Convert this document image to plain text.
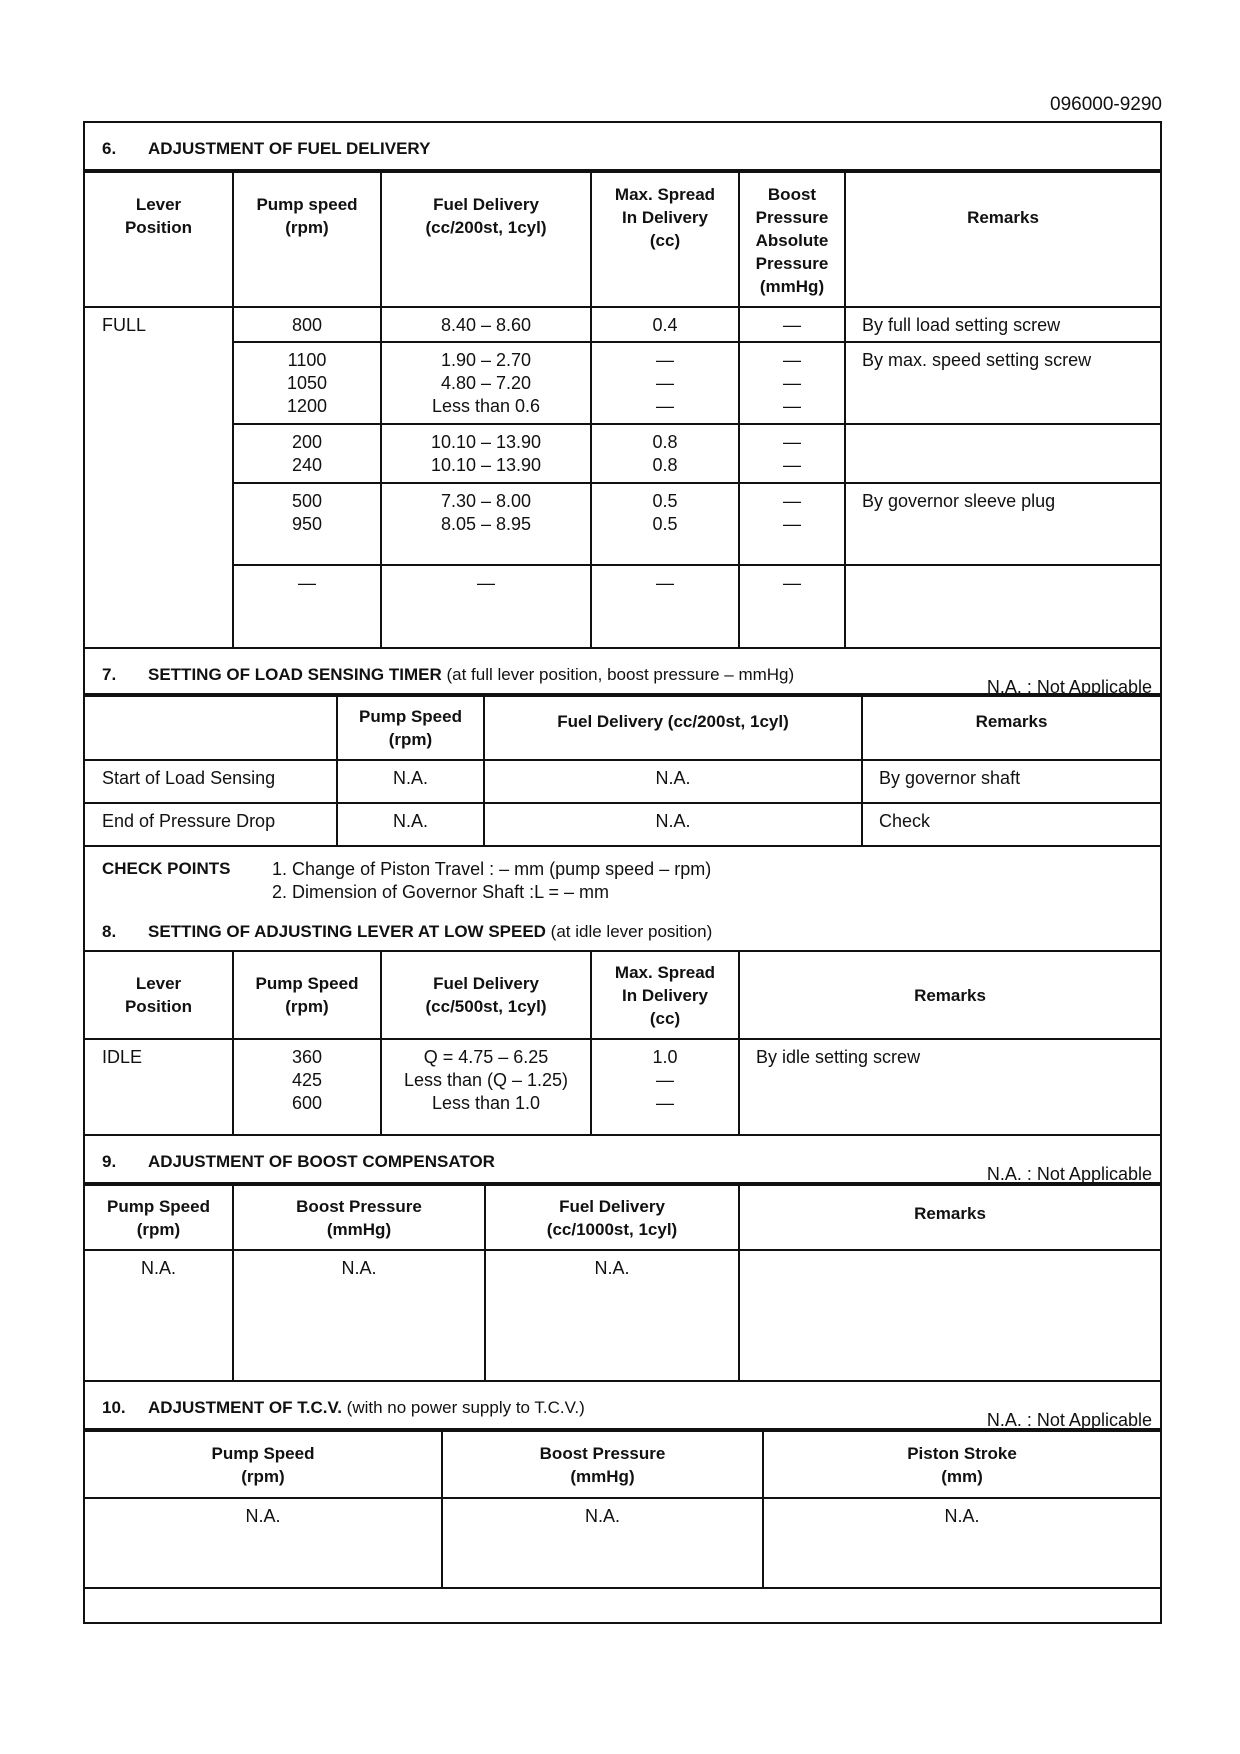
096000-9290
6. ADJUSTMENT OF FUEL DELIVERY
Lever
Position	Pump speed
(rpm)	Fuel Delivery
(cc/200st, 1cyl)	Max. Spread
In Delivery
(cc)	Boost
Pressure
Absolute
Pressure
(mmHg)	Remarks
FULL	800	8.40 – 8.60	0.4	—	By full load setting screw
	1100
1050
1200	1.90 – 2.70
4.80 – 7.20
Less than 0.6	—
—
—	—
—
—	By max. speed setting screw
	200
240	10.10 – 13.90
10.10 – 13.90	0.8
0.8	—
—	
	500
950	7.30 – 8.00
8.05 – 8.95	0.5
0.5	—
—	By governor sleeve plug
	—	—	—	—	
7. SETTING OF LOAD SENSING TIMER (at full lever position, boost pressure – mmHg)
N.A. : Not Applicable
	Pump Speed
(rpm)	Fuel Delivery (cc/200st, 1cyl)	Remarks
Start of Load Sensing	N.A.	N.A.	By governor shaft
End of Pressure Drop	N.A.	N.A.	Check
CHECK POINTS 1. Change of Piston Travel : – mm (pump speed – rpm)
2. Dimension of Governor Shaft :L = – mm
8. SETTING OF ADJUSTING LEVER AT LOW SPEED (at idle lever position)
Lever
Position	Pump Speed
(rpm)	Fuel Delivery
(cc/500st, 1cyl)	Max. Spread
In Delivery
(cc)	Remarks
IDLE	360
425
600	Q = 4.75 – 6.25
Less than (Q – 1.25)
Less than 1.0	1.0
—
—	By idle setting screw
9. ADJUSTMENT OF BOOST COMPENSATOR
N.A. : Not Applicable
Pump Speed
(rpm)	Boost Pressure
(mmHg)	Fuel Delivery
(cc/1000st, 1cyl)	Remarks
N.A.	N.A.	N.A.	
10. ADJUSTMENT OF T.C.V. (with no power supply to T.C.V.)
N.A. : Not Applicable
Pump Speed
(rpm)	Boost Pressure
(mmHg)	Piston Stroke
(mm)
N.A.	N.A.	N.A.
